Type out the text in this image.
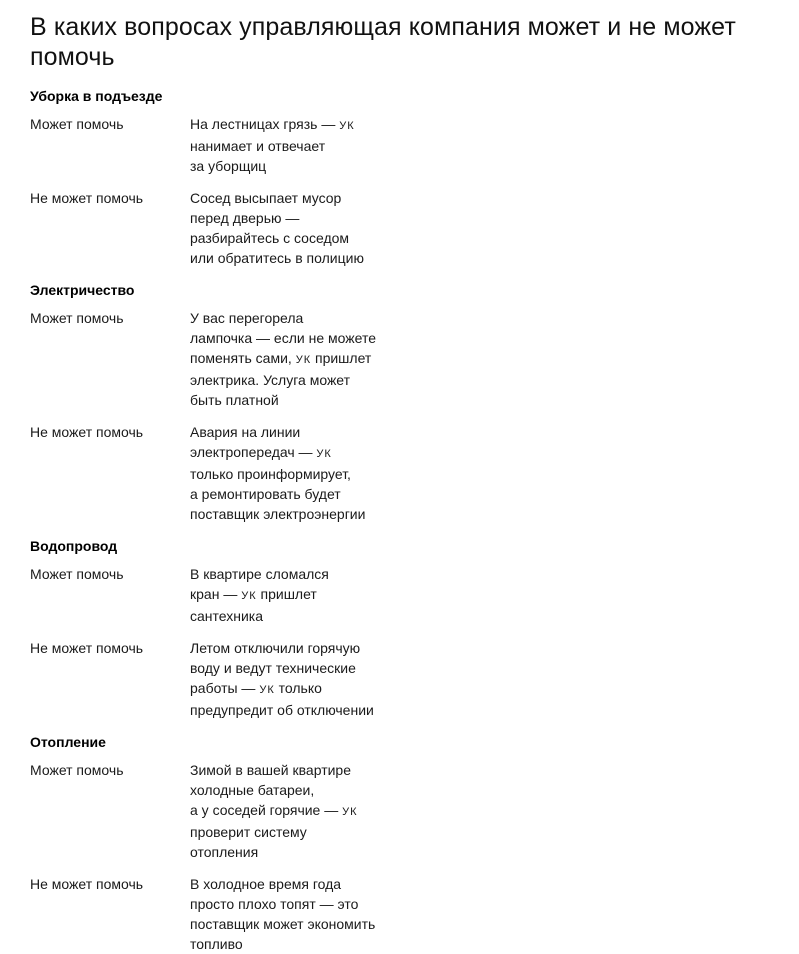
В каких вопросах управляющая компания может и не может помочь
Уборка в подъезде
Может помочь	На лестницах грязь — УК
нанимает и отвечает
за уборщиц
Не может помочь	Сосед высыпает мусор
перед дверью —
разбирайтесь с соседом
или обратитесь в полицию
Электричество
Может помочь	У вас перегорела
лампочка — если не можете
поменять сами, УК пришлет
электрика. Услуга может
быть платной
Не может помочь	Авария на линии
электропередач — УК
только проинформирует,
а ремонтировать будет
поставщик электроэнергии
Водопровод
Может помочь	В квартире сломался
кран — УК пришлет
сантехника
Не может помочь	Летом отключили горячую
воду и ведут технические
работы — УК только
предупредит об отключении
Отопление
Может помочь	Зимой в вашей квартире
холодные батареи,
а у соседей горячие — УК
проверит систему
отопления
Не может помочь	В холодное время года
просто плохо топят — это
поставщик может экономить
топливо
